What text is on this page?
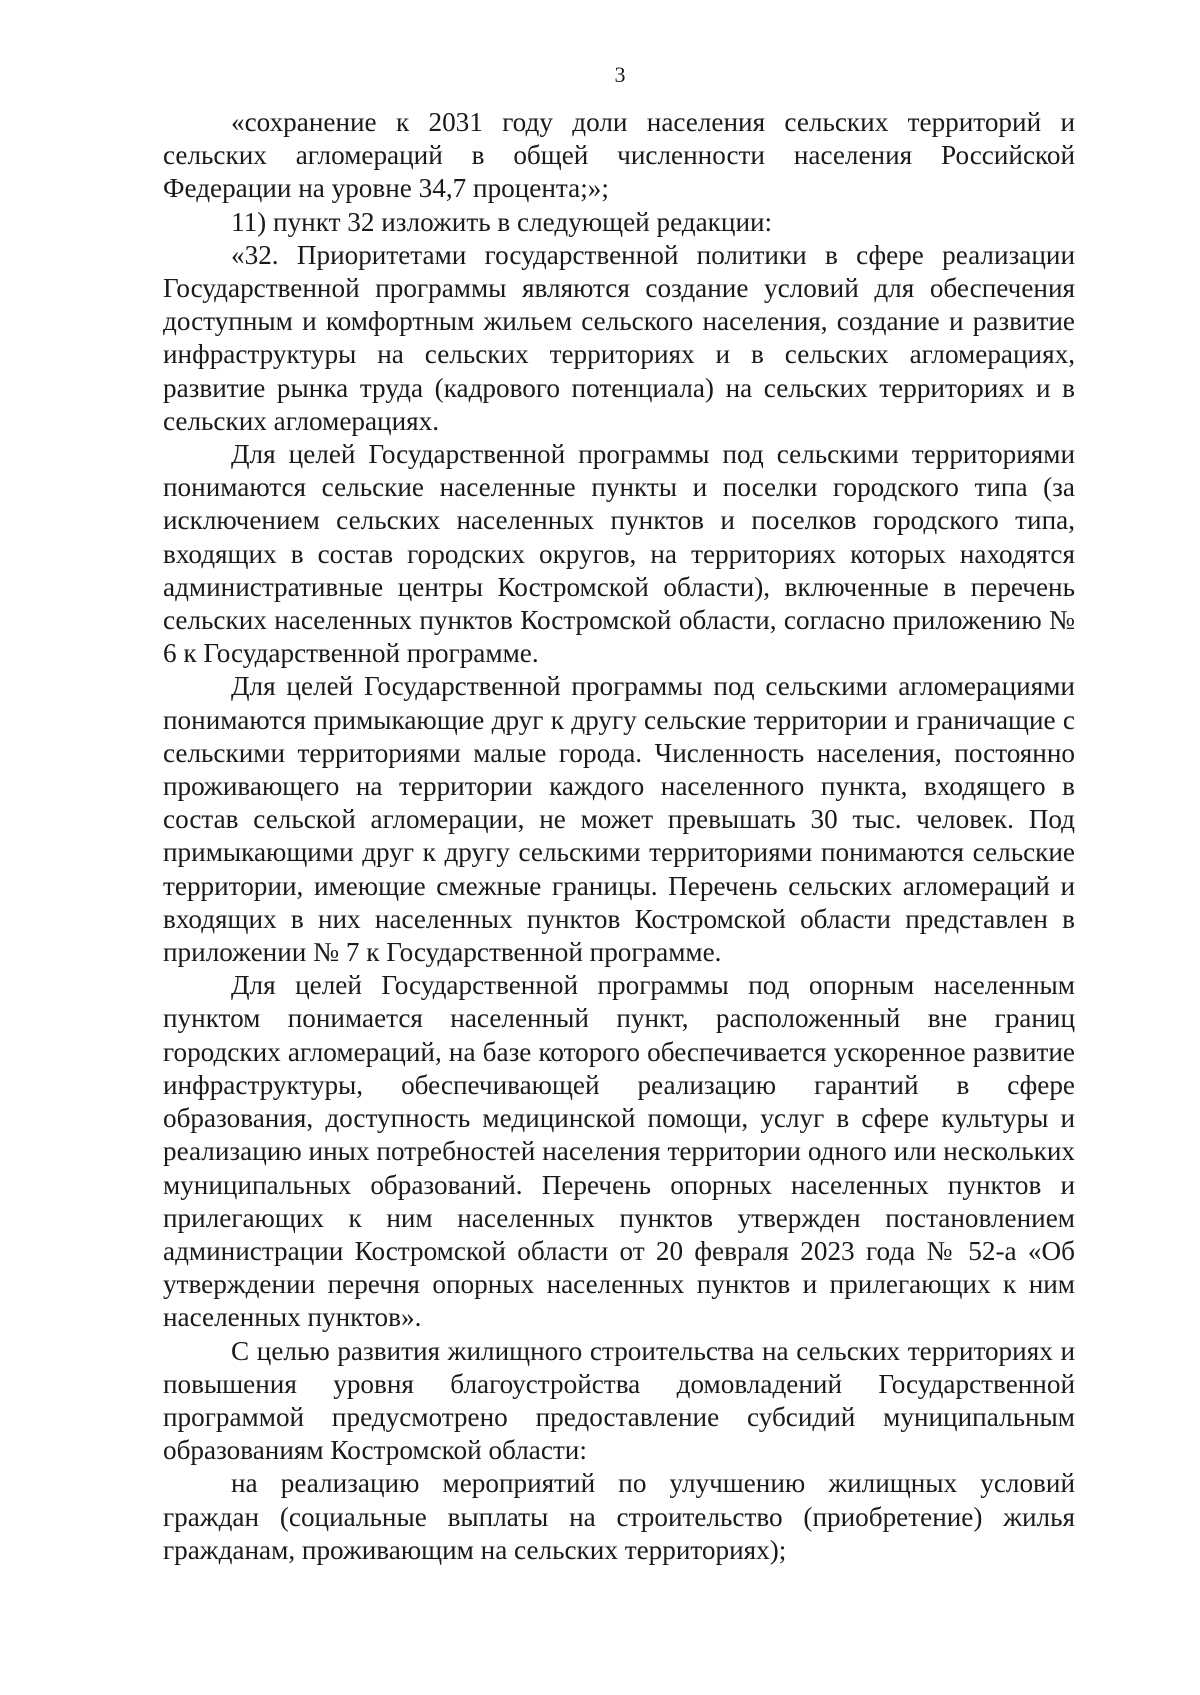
3

«сохранение к 2031 году доли населения сельских территорий и сельских агломераций в общей численности населения Российской Федерации на уровне 34,7 процента;»;

11) пункт 32 изложить в следующей редакции:

«32. Приоритетами государственной политики в сфере реализации Государственной программы являются создание условий для обеспечения доступным и комфортным жильем сельского населения, создание и развитие инфраструктуры на сельских территориях и в сельских агломерациях, развитие рынка труда (кадрового потенциала) на сельских территориях и в сельских агломерациях.

Для целей Государственной программы под сельскими территориями понимаются сельские населенные пункты и поселки городского типа (за исключением сельских населенных пунктов и поселков городского типа, входящих в состав городских округов, на территориях которых находятся административные центры Костромской области), включенные в перечень сельских населенных пунктов Костромской области, согласно приложению № 6 к Государственной программе.

Для целей Государственной программы под сельскими агломерациями понимаются примыкающие друг к другу сельские территории и граничащие с сельскими территориями малые города. Численность населения, постоянно проживающего на территории каждого населенного пункта, входящего в состав сельской агломерации, не может превышать 30 тыс. человек. Под примыкающими друг к другу сельскими территориями понимаются сельские территории, имеющие смежные границы. Перечень сельских агломераций и входящих в них населенных пунктов Костромской области представлен в приложении № 7 к Государственной программе.

Для целей Государственной программы под опорным населенным пунктом понимается населенный пункт, расположенный вне границ городских агломераций, на базе которого обеспечивается ускоренное развитие инфраструктуры, обеспечивающей реализацию гарантий в сфере образования, доступность медицинской помощи, услуг в сфере культуры и реализацию иных потребностей населения территории одного или нескольких муниципальных образований. Перечень опорных населенных пунктов и прилегающих к ним населенных пунктов утвержден постановлением администрации Костромской области от 20 февраля 2023 года № 52-а «Об утверждении перечня опорных населенных пунктов и прилегающих к ним населенных пунктов».

С целью развития жилищного строительства на сельских территориях и повышения уровня благоустройства домовладений Государственной программой предусмотрено предоставление субсидий муниципальным образованиям Костромской области:

на реализацию мероприятий по улучшению жилищных условий граждан (социальные выплаты на строительство (приобретение) жилья гражданам, проживающим на сельских территориях);
